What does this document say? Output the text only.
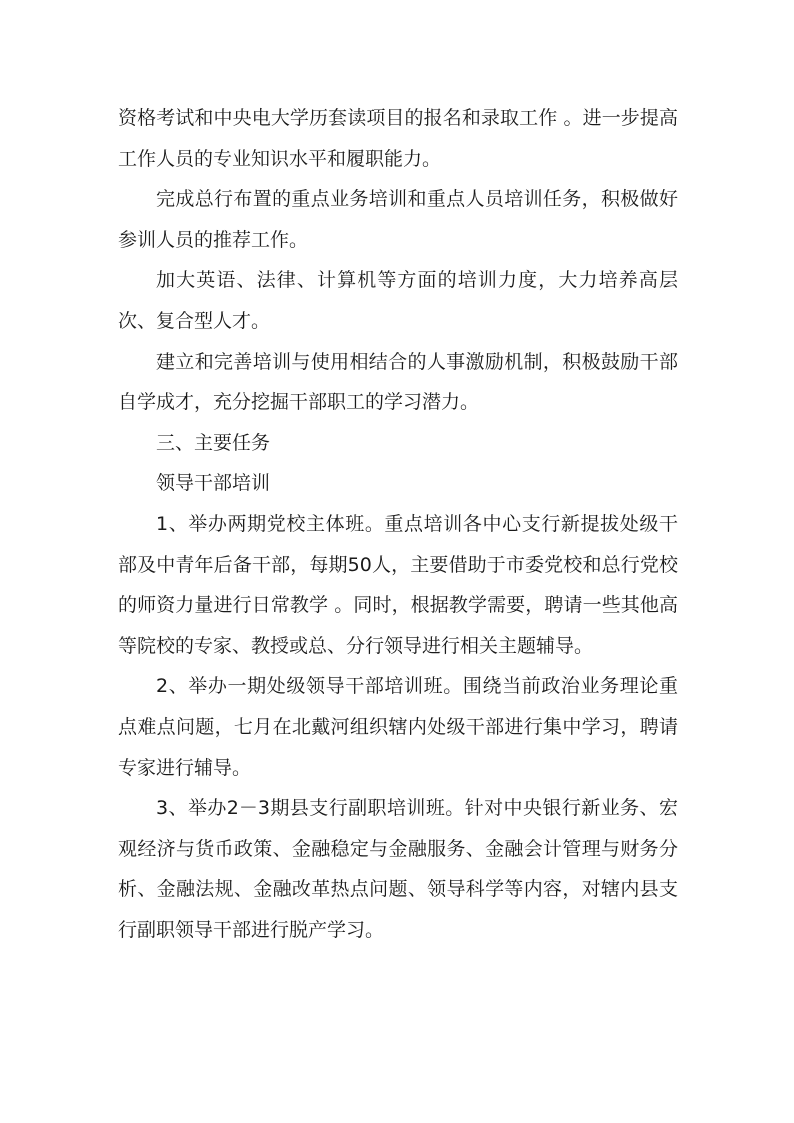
资格考试和中央电大学历套读项目的报名和录取工作 。进一步提高工作人员的专业知识水平和履职能力。

完成总行布置的重点业务培训和重点人员培训任务，积极做好参训人员的推荐工作。

加大英语、法律、计算机等方面的培训力度，大力培养高层次、复合型人才。

建立和完善培训与使用相结合的人事激励机制，积极鼓励干部自学成才，充分挖掘干部职工的学习潜力。

三、主要任务

领导干部培训

1、举办两期党校主体班。重点培训各中心支行新提拔处级干部及中青年后备干部，每期50人，主要借助于市委党校和总行党校的师资力量进行日常教学 。同时，根据教学需要，聘请一些其他高等院校的专家、教授或总、分行领导进行相关主题辅导。

2、举办一期处级领导干部培训班。围绕当前政治业务理论重点难点问题，七月在北戴河组织辖内处级干部进行集中学习，聘请专家进行辅导。

3、举办2－3期县支行副职培训班。针对中央银行新业务、宏观经济与货币政策、金融稳定与金融服务、金融会计管理与财务分析、金融法规、金融改革热点问题、领导科学等内容，对辖内县支行副职领导干部进行脱产学习。
